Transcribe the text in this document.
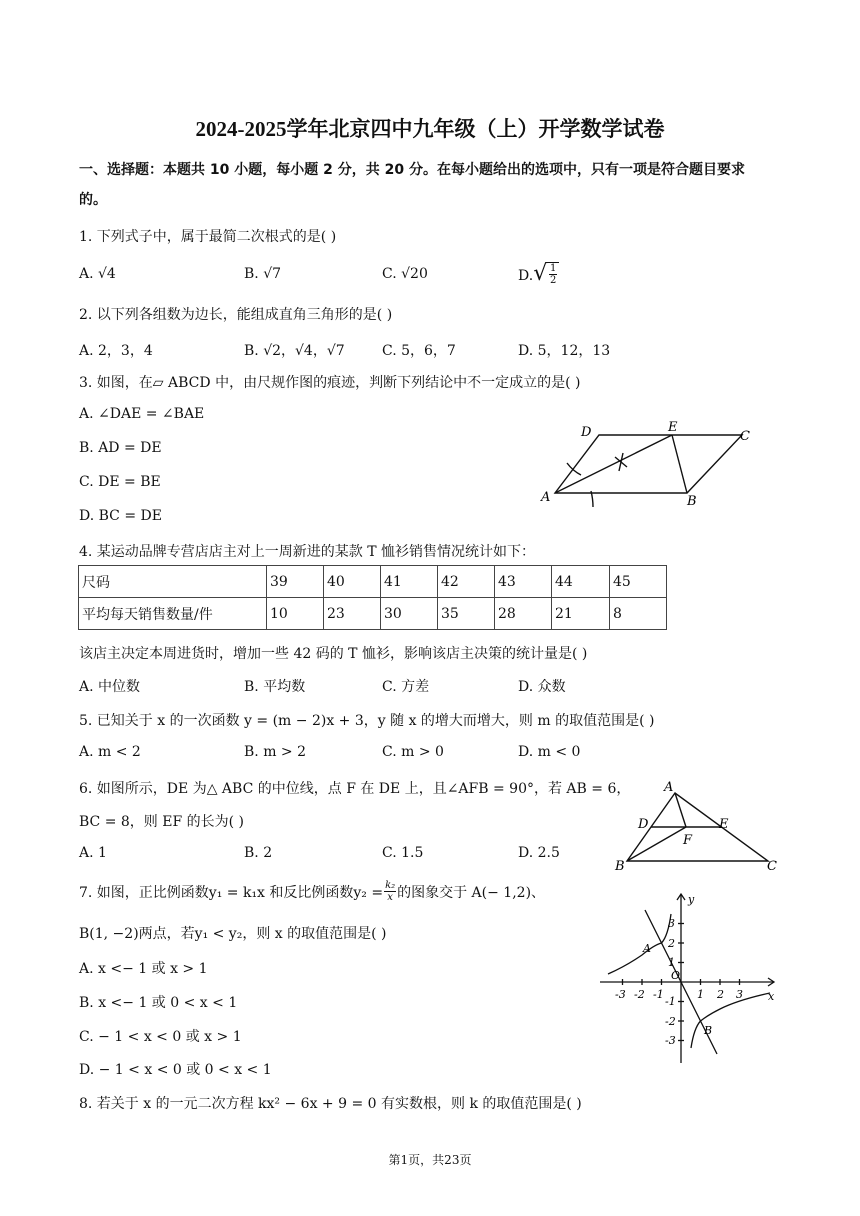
2024-2025学年北京四中九年级（上）开学数学试卷
一、选择题：本题共 10 小题，每小题 2 分，共 20 分。在每小题给出的选项中，只有一项是符合题目要求
的。
1. 下列式子中，属于最简二次根式的是( )
A. √4	B. √7	C. √20	D. √ $\frac{1}{2}$
2. 以下列各组数为边长，能组成直角三角形的是( )
A. 2，3，4	B. √2，√4，√7	C. 5，6，7	D. 5，12，13
3. 如图，在▱ ABCD 中，由尺规作图的痕迹，判断下列结论中不一定成立的是( )
A. ∠DAE = ∠BAE
B. AD = DE
C. DE = BE
D. BC = DE
D	E
C
A	B
4. 某运动品牌专营店店主对上一周新进的某款 T 恤衫销售情况统计如下：
尺码	39	40	41	42	43	44	45
平均每天销售数量/件	10	23	30	35	28	21	8
该店主决定本周进货时，增加一些 42 码的 T 恤衫，影响该店主决策的统计量是( )
A. 中位数	B. 平均数	C. 方差	D. 众数
5. 已知关于 x 的一次函数 y = (m − 2)x + 3，y 随 x 的增大而增大，则 m 的取值范围是( )
A. m < 2	B. m > 2	C. m > 0	D. m < 0
6. 如图所示，DE 为△ ABC 的中位线，点 F 在 DE 上，且∠AFB = 90°，若 AB = 6，
BC = 8，则 EF 的长为( )
A. 1	B. 2	C. 1.5	D. 2.5
A
D	E
F
B	C
7. 如图，正比例函数y₁ = k₁x 和反比例函数$y_2 = \frac{\text{k₂}}{x}$ 的图象交于 A(− 1,2)、
B(1, −2)两点，若y₁ < y₂，则 x 的取值范围是( )
A. x <− 1 或 x > 1
B. x <− 1 或 0 < x < 1
C. − 1 < x < 0 或 x > 1
D. − 1 < x < 0 或 0 < x < 1
y
x
O
A
B
-3 -2 -1	1 2 3
3
2
1
-1
-2
-3
8. 若关于 x 的一元二次方程 kx² − 6x + 9 = 0 有实数根，则 k 的取值范围是( )
第1页，共23页
